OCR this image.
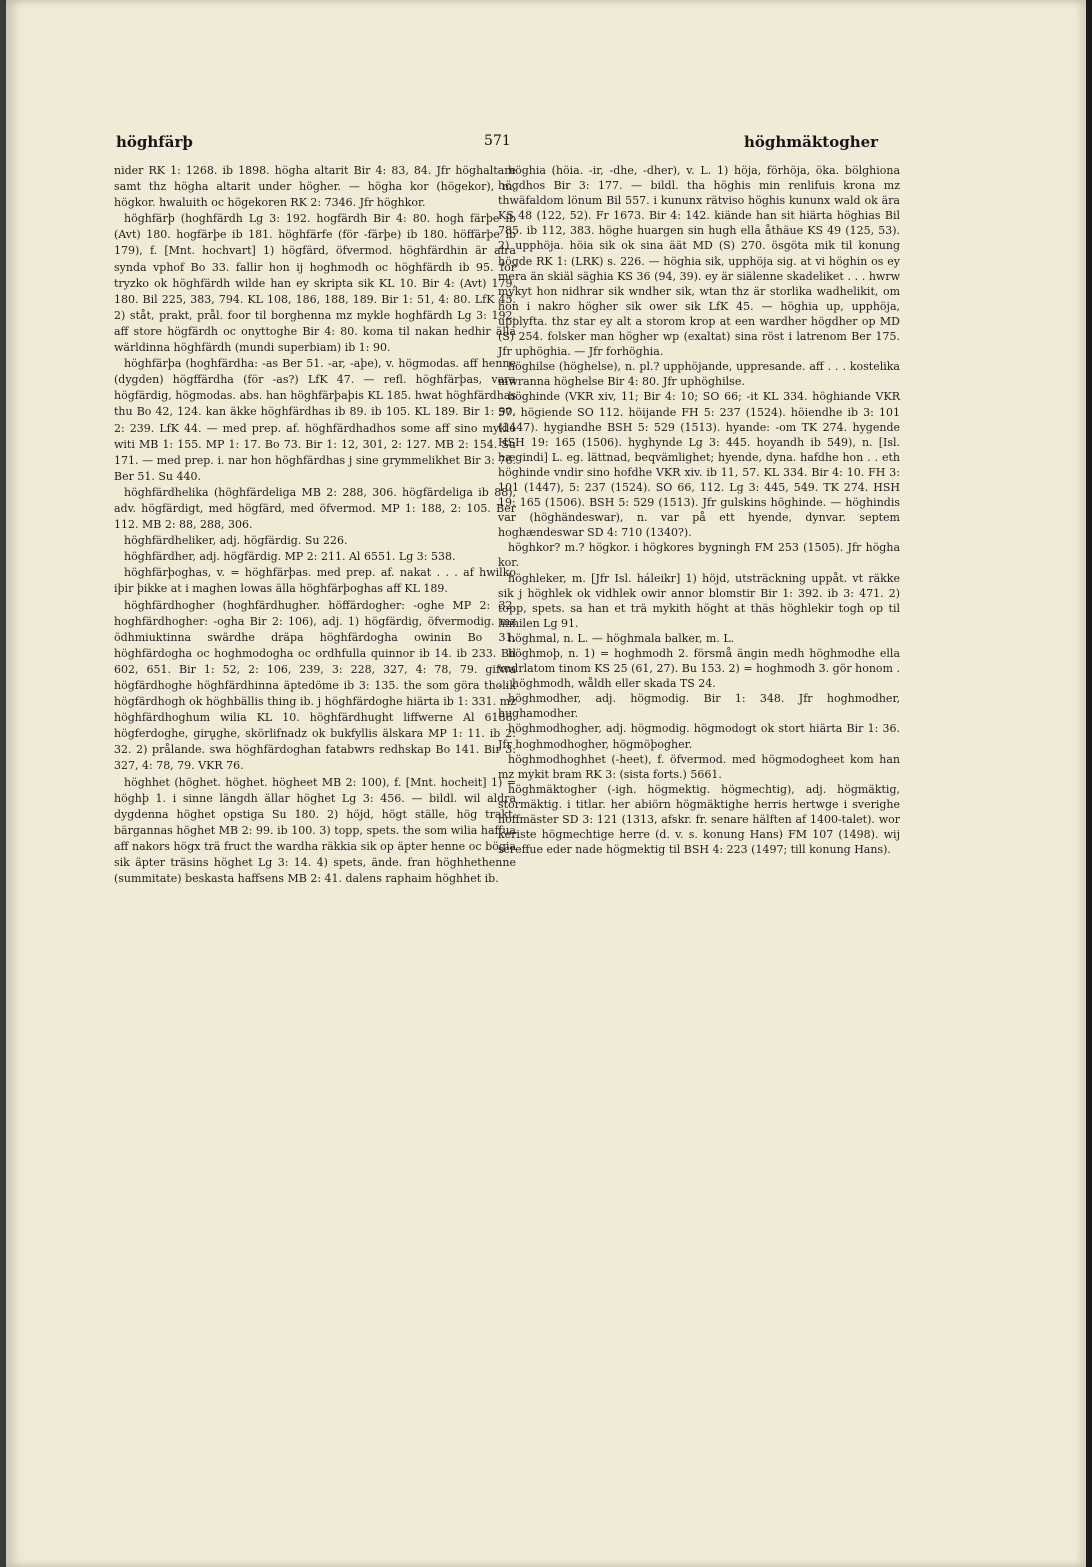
höghfärþ	571	höghmäktogher

nider RK 1: 1268. ib 1898. högha altarit Bir 4: 83, 84. Jfr höghaltare samt thz högha altarit under högher. — högha kor (högekor), m. högkor. hwaluith oc högekoren RK 2: 7346. Jfr höghkor.

höghfärþ (hoghfärdh Lg 3: 192. hogfärdh Bir 4: 80. hogh färþe ib (Avt) 180. hogfärþe ib 181. höghfärfe (för -färþe) ib 180. höffärþe ib 179), f. [Mnt. hochvart] 1) högfärd, öfvermod. höghfärdhin är alra synda vphof Bo 33. fallir hon ij hoghmodh oc höghfärdh ib 95. for tryzko ok höghfärdh wilde han ey skripta sik KL 10. Bir 4: (Avt) 179, 180. Bil 225, 383, 794. KL 108, 186, 188, 189. Bir 1: 51, 4: 80. LfK 45. 2) ståt, prakt, prål. foor til borghenna mz mykle hoghfärdh Lg 3: 192. aff store högfärdh oc onyttoghe Bir 4: 80. koma til nakan hedhir älla wärldinna höghfärdh (mundi superbiam) ib 1: 90.

höghfärþa (hoghfärdha: -as Ber 51. -ar, -aþe), v. högmodas. aff henne (dygden) högffärdha (för -as?) LfK 47. — refl. höghfärþas, vara högfärdig, högmodas. abs. han höghfärþaþis KL 185. hwat höghfärdhas thu Bo 42, 124. kan äkke höghfärdhas ib 89. ib 105. KL 189. Bir 1: 90, 2: 239. LfK 44. — med prep. af. höghfärdhadhos some aff sino myklo witi MB 1: 155. MP 1: 17. Bo 73. Bir 1: 12, 301, 2: 127. MB 2: 154. Su 171. — med prep. i. nar hon höghfärdhas j sine grymmelikhet Bir 3: 76. Ber 51. Su 440.

höghfärdhelika (höghfärdeliga MB 2: 288, 306. högfärdeliga ib 88), adv. högfärdigt, med högfärd, med öfvermod. MP 1: 188, 2: 105. Ber 112. MB 2: 88, 288, 306.

höghfärdheliker, adj. högfärdig. Su 226.

höghfärdher, adj. högfärdig. MP 2: 211. Al 6551. Lg 3: 538.

höghfärþoghas, v. = höghfärþas. med prep. af. nakat . . . af hwilko iþir þikke at i maghen lowas älla höghfärþoghas aff KL 189.

höghfärdhogher (hoghfärdhugher. höffärdogher: -oghe MP 2: 32. hoghfärdhogher: -ogha Bir 2: 106), adj. 1) högfärdig, öfvermodig. mz ödhmiuktinna swärdhe dräpa höghfärdogha owinin Bo 31. höghfärdogha oc hoghmodogha oc ordhfulla quinnor ib 14. ib 233. Bil 602, 651. Bir 1: 52, 2: 106, 239, 3: 228, 327, 4: 78, 79. gifwa högfärdhoghe höghfärdhinna äptedöme ib 3: 135. the som göra tholik högfärdhogh ok höghbällis thing ib. j höghfärdoghe hiärta ib 1: 331. mz höghfärdhoghum wilia KL 10. höghfärdhught liffwerne Al 6186. högferdoghe, giru̥ghe, skörlifnadz ok bukfyllis älskara MP 1: 11. ib 2: 32. 2) prålande. swa höghfärdoghan fatabwrs redhskap Bo 141. Bir 3: 327, 4: 78, 79. VKR 76.

höghhet (höghet. höghet. högheet MB 2: 100), f. [Mnt. hocheit] 1) = höghþ 1. i sinne längdh ällar höghet Lg 3: 456. — bildl. wil aldra dygdenna höghet opstiga Su 180. 2) höjd, högt ställe, hög trakt. bärgannas höghet MB 2: 99. ib 100. 3) topp, spets. the som wilia haffua aff nakors högx trä fruct the wardha räkkia sik op äpter henne oc bögia sik äpter träsins höghet Lg 3: 14. 4) spets, ände. fran höghhethenne (summitate) beskasta haffsens MB 2: 41. dalens raphaim höghhet ib.

höghia (höia. -ir, -dhe, -dher), v. L. 1) höja, förhöja, öka. bölghiona högdhos Bir 3: 177. — bildl. tha höghis min renlifuis krona mz thwäfaldom lönum Bil 557. i kununx rätviso höghis kununx wald ok ära KS 48 (122, 52). Fr 1673. Bir 4: 142. kiände han sit hiärta höghias Bil 785. ib 112, 383. höghe huargen sin hugh ella åthäue KS 49 (125, 53). 2) upphöja. höia sik ok sina äät MD (S) 270. ösgöta mik til konung högde RK 1: (LRK) s. 226. — höghia sik, upphöja sig. at vi höghin os ey mera än skiäl säghia KS 36 (94, 39). ey är siälenne skadeliket . . . hwrw mykyt hon nidhrar sik wndher sik, wtan thz är storlika wadhelikit, om hon i nakro högher sik ower sik LfK 45. — höghia up, upphöja, upplyfta. thz star ey alt a storom krop at een wardher högdher op MD (S) 254. folsker man högher wp (exaltat) sina röst i latrenom Ber 175. Jfr uphöghia. — Jfr forhöghia.

höghilse (höghelse), n. pl.? upphöjande, uppresande. aff . . . kostelika mwranna höghelse Bir 4: 80. Jfr uphöghilse.

höghinde (VKR xiv, 11; Bir 4: 10; SO 66; -it KL 334. höghiande VKR 57. högiende SO 112. höijande FH 5: 237 (1524). höiendhe ib 3: 101 (1447). hygiandhe BSH 5: 529 (1513). hyande: -om TK 274. hygende HSH 19: 165 (1506). hyghynde Lg 3: 445. hoyandh ib 549), n. [Isl. hægindi] L. eg. lättnad, beqvämlighet; hyende, dyna. hafdhe hon . . eth höghinde vndir sino hofdhe VKR xiv. ib 11, 57. KL 334. Bir 4: 10. FH 3: 101 (1447), 5: 237 (1524). SO 66, 112. Lg 3: 445, 549. TK 274. HSH 19: 165 (1506). BSH 5: 529 (1513). Jfr gulskins höghinde. — höghindis var (höghändeswar), n. var på ett hyende, dynvar. septem hoghændeswar SD 4: 710 (1340?).

höghkor? m.? högkor. i högkores bygningh FM 253 (1505). Jfr högha kor.

höghleker, m. [Jfr Isl. háleikr] 1) höjd, utsträckning uppåt. vt räkke sik j höghlek ok vidhlek owir annor blomstir Bir 1: 392. ib 3: 471. 2) topp, spets. sa han et trä mykith höght at thäs höghlekir togh op til himilen Lg 91.

höghmal, n. L. — höghmala balker, m. L.

höghmoþ, n. 1) = hoghmodh 2. försmå ängin medh höghmodhe ella vndrlatom tinom KS 25 (61, 27). Bu 153. 2) = hoghmodh 3. gör honom . . . höghmodh, wåldh eller skada TS 24.

höghmodher, adj. högmodig. Bir 1: 348. Jfr hoghmodher, hughamodher.

höghmodhogher, adj. högmodig. högmodogt ok stort hiärta Bir 1: 36. Jfr hoghmodhogher, högmöþogher.

höghmodhoghhet (-heet), f. öfvermod. med högmodogheet kom han mz mykit bram RK 3: (sista forts.) 5661.

höghmäktogher (-igh. högmektig. högmechtig), adj. högmäktig, stormäktig. i titlar. her abiörn högmäktighe herris hertwge i sverighe hoffmäster SD 3: 121 (1313, afskr. fr. senare hälften af 1400-talet). wor keriste högmechtige herre (d. v. s. konung Hans) FM 107 (1498). wij screffue eder nade högmektig til BSH 4: 223 (1497; till konung Hans).
